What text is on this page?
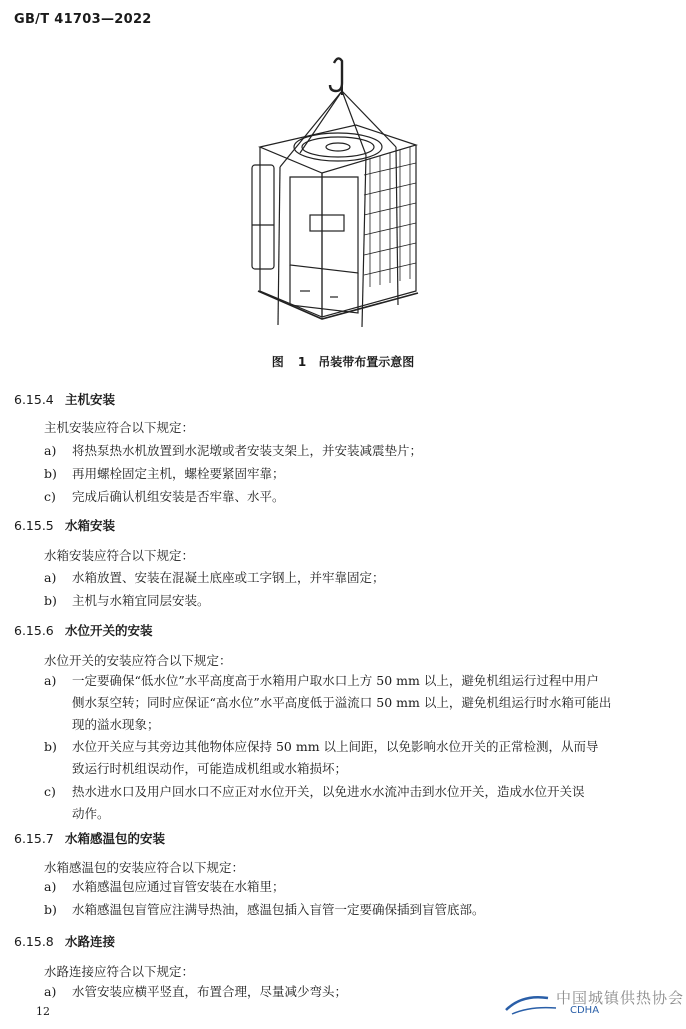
GB/T 41703—2022
图 1　吊装带布置示意图
6.15.4 主机安装
主机安装应符合以下规定：
a)	将热泵热水机放置到水泥墩或者安装支架上，并安装减震垫片；
b)	再用螺栓固定主机，螺栓要紧固牢靠；
c)	完成后确认机组安装是否牢靠、水平。
6.15.5 水箱安装
水箱安装应符合以下规定：
a)	水箱放置、安装在混凝土底座或工字钢上，并牢靠固定；
b)	主机与水箱宜同层安装。
6.15.6 水位开关的安装
水位开关的安装应符合以下规定：
a)	一定要确保“低水位”水平高度高于水箱用户取水口上方 50 mm 以上，避免机组运行过程中用户
侧水泵空转；同时应保证“高水位”水平高度低于溢流口 50 mm 以上，避免机组运行时水箱可能出
现的溢水现象；
b)	水位开关应与其旁边其他物体应保持 50 mm 以上间距，以免影响水位开关的正常检测，从而导
致运行时机组误动作，可能造成机组或水箱损坏；
c)	热水进水口及用户回水口不应正对水位开关，以免进水水流冲击到水位开关，造成水位开关误
动作。
6.15.7 水箱感温包的安装
水箱感温包的安装应符合以下规定：
a)	水箱感温包应通过盲管安装在水箱里；
b)	水箱感温包盲管应注满导热油，感温包插入盲管一定要确保插到盲管底部。
6.15.8 水路连接
水路连接应符合以下规定：
a)	水管安装应横平竖直，布置合理，尽量减少弯头；
12
中国城镇供热协会
CDHA
